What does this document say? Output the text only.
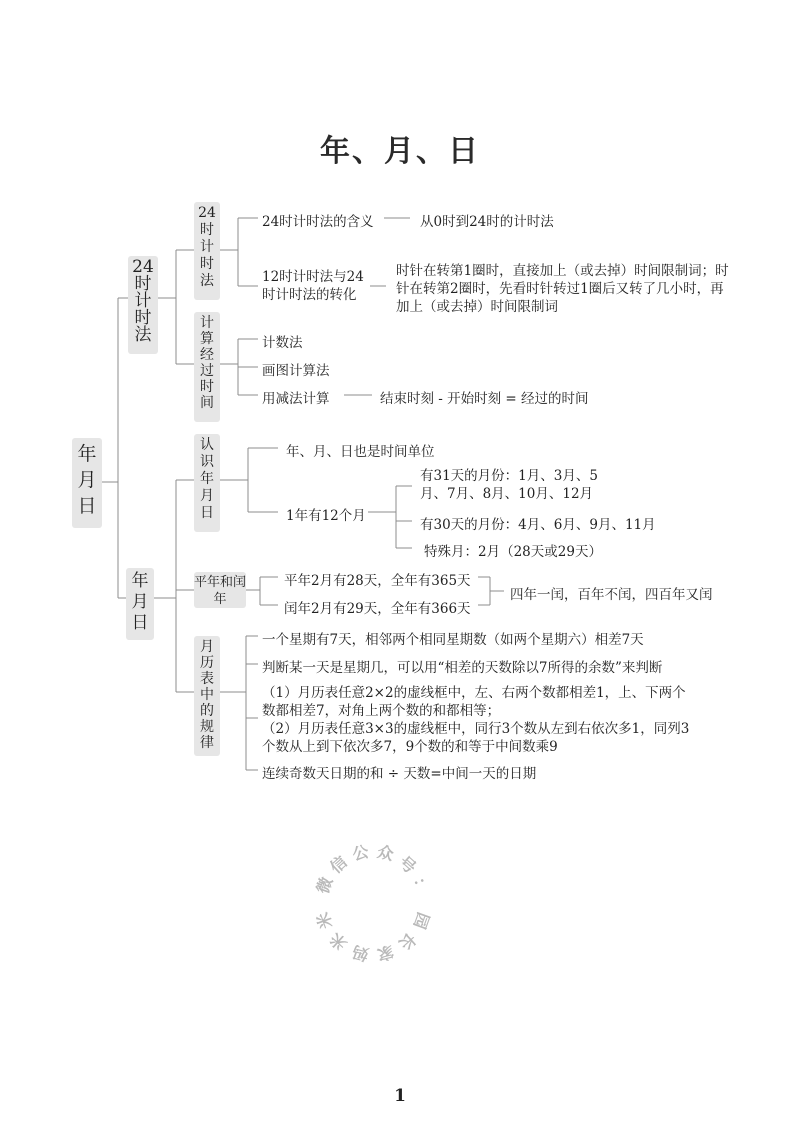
年、月、日
年
月
日
24
时
计
时
法
24
时
计
时
法
24时计时法的含义	从0时到24时的计时法
12时计时法与24时计时法的转化
时针在转第1圈时，直接加上（或去掉）时间限制词；时针在转第2圈时，先看时针转过1圈后又转了几小时，再加上（或去掉）时间限制词
计
算
经
过
时
间
计数法
画图计算法
用减法计算	结束时刻 - 开始时刻 = 经过的时间
年
月
日
认
识
年
月
日
年、月、日也是时间单位
1年有12个月
有31天的月份：1月、3月、5月、7月、8月、10月、12月
有30天的月份：4月、6月、9月、11月
特殊月：2月（28天或29天）
平年和闰年
平年2月有28天，全年有365天
闰年2月有29天，全年有366天
四年一闰，百年不闰，四百年又闰
月
历
表
中
的
规
律
一个星期有7天，相邻两个相同星期数（如两个星期六）相差7天
判断某一天是星期几，可以用“相差的天数除以7所得的余数”来判断
（1）月历表任意2×2的虚线框中，左、右两个数都相差1，上、下两个数都相差7，对角上两个数的和都相等；
（2）月历表任意3×3的虚线框中，同行3个数从左到右依次多1，同列3个数从上到下依次多7，9个数的和等于中间数乘9
连续奇数天日期的和 ÷ 天数=中间一天的日期
微
信 公 众 号
：
园
长
家
妈
米
米
1
